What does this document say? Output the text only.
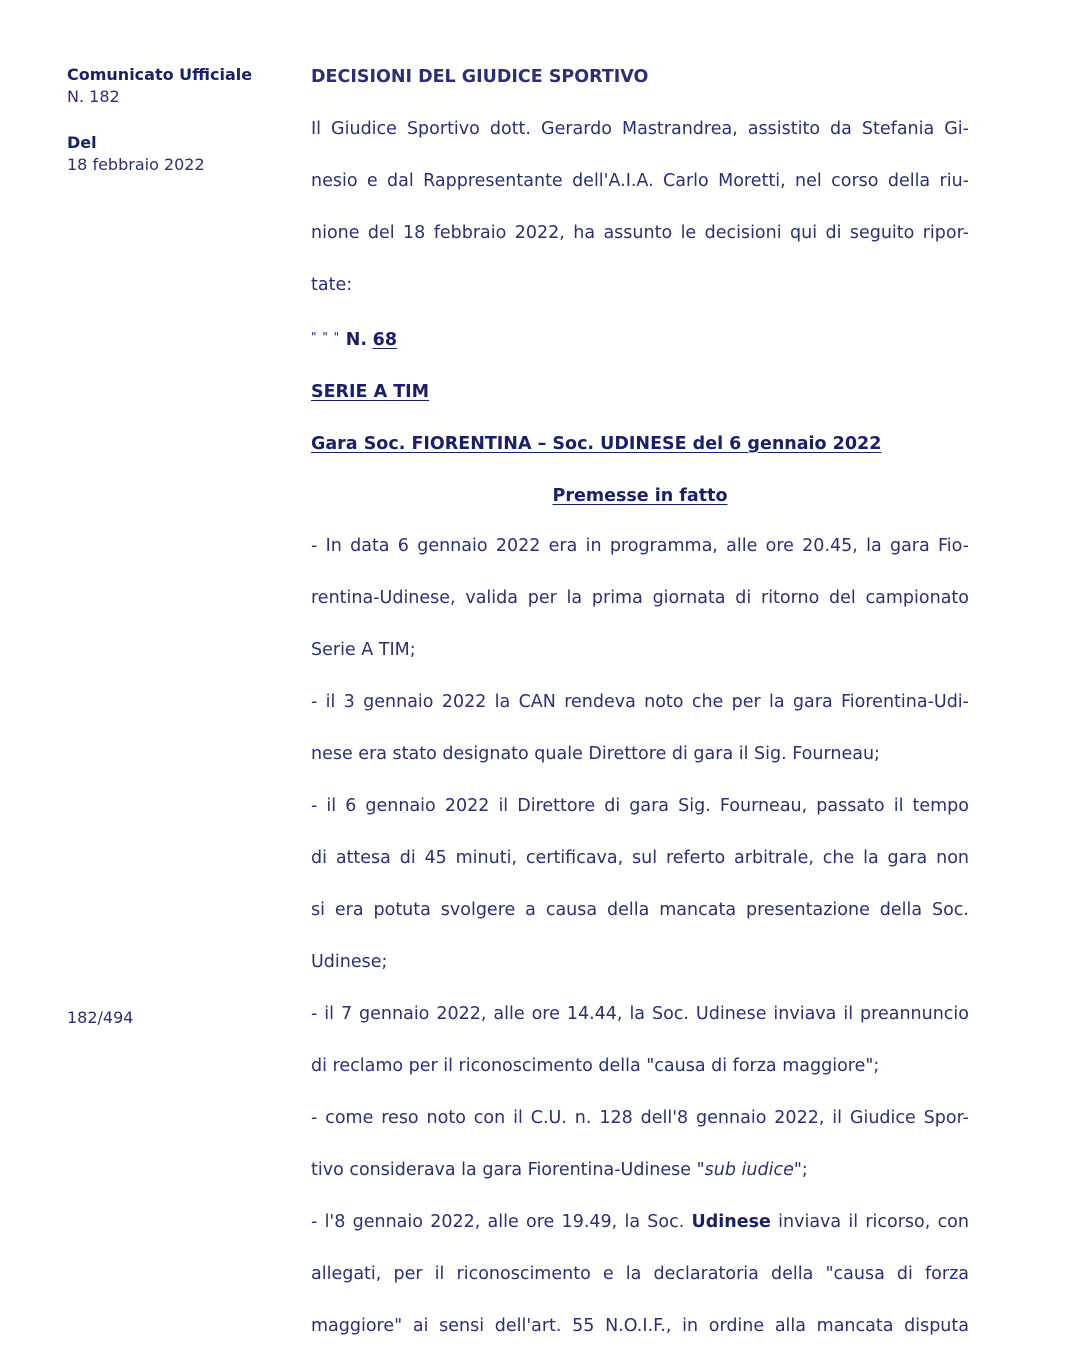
Comunicato Ufficiale
N. 182
Del
18 febbraio 2022

DECISIONI DEL GIUDICE SPORTIVO

Il Giudice Sportivo dott. Gerardo Mastrandrea, assistito da Stefania Gi-

nesio e dal Rappresentante dell'A.I.A. Carlo Moretti, nel corso della riu-

nione del 18 febbraio 2022, ha assunto le decisioni qui di seguito ripor-

tate:

" " " N. 68

SERIE A TIM

Gara Soc. FIORENTINA – Soc. UDINESE del 6 gennaio 2022

Premesse in fatto

- In data 6 gennaio 2022 era in programma, alle ore 20.45, la gara Fio-

rentina-Udinese, valida per la prima giornata di ritorno del campionato

Serie A TIM;

- il 3 gennaio 2022 la CAN rendeva noto che per la gara Fiorentina-Udi-

nese era stato designato quale Direttore di gara il Sig. Fourneau;

- il 6 gennaio 2022 il Direttore di gara Sig. Fourneau, passato il tempo

di attesa di 45 minuti, certificava, sul referto arbitrale, che la gara non

si era potuta svolgere a causa della mancata presentazione della Soc.

Udinese;

- il 7 gennaio 2022, alle ore 14.44, la Soc. Udinese inviava il preannuncio

di reclamo per il riconoscimento della "causa di forza maggiore";

- come reso noto con il C.U. n. 128 dell'8 gennaio 2022, il Giudice Spor-

tivo considerava la gara Fiorentina-Udinese "sub iudice";

- l'8 gennaio 2022, alle ore 19.49, la Soc. Udinese inviava il ricorso, con

allegati, per il riconoscimento e la declaratoria della "causa di forza

maggiore" ai sensi dell'art. 55 N.O.I.F., in ordine alla mancata disputa

182/494
